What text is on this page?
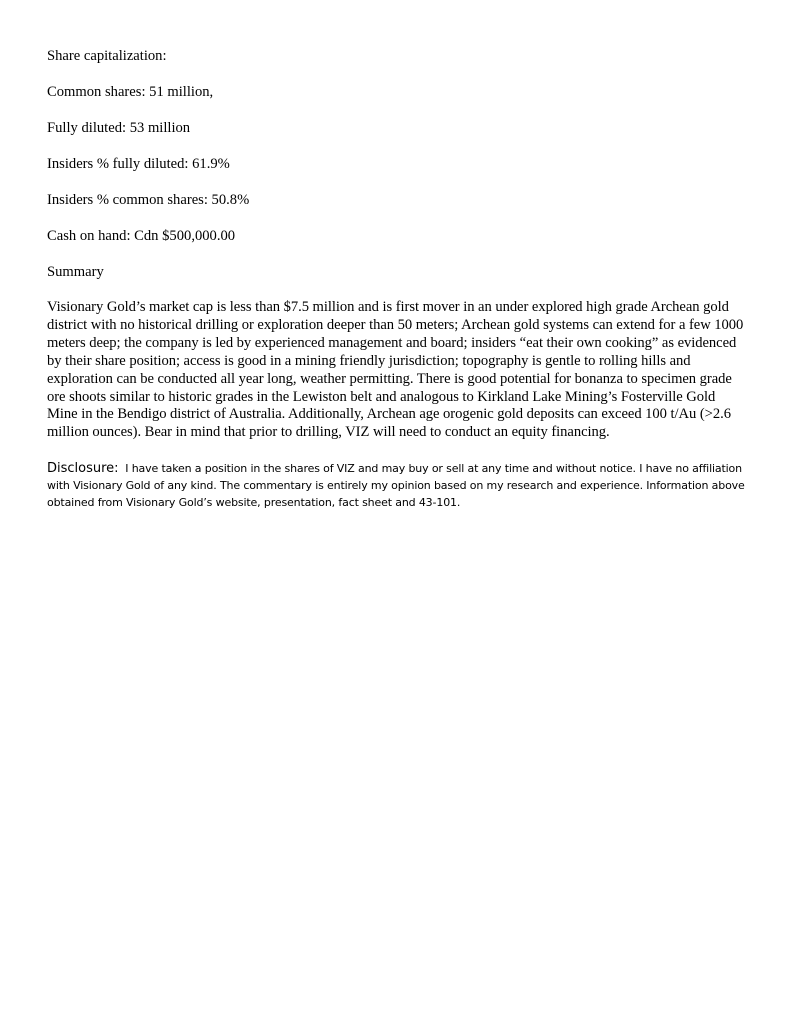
Share capitalization:

Common shares: 51 million,

Fully diluted: 53 million

Insiders % fully diluted: 61.9%

Insiders % common shares: 50.8%

Cash on hand: Cdn $500,000.00

Summary

Visionary Gold’s market cap is less than $7.5 million and is first mover in an under explored high grade Archean gold district with no historical drilling or exploration deeper than 50 meters; Archean gold systems can extend for a few 1000 meters deep; the company is led by experienced management and board; insiders “eat their own cooking” as evidenced by their share position; access is good in a mining friendly jurisdiction; topography is gentle to rolling hills and exploration can be conducted all year long, weather permitting. There is good potential for bonanza to specimen grade ore shoots similar to historic grades in the Lewiston belt and analogous to Kirkland Lake Mining’s Fosterville Gold Mine in the Bendigo district of Australia. Additionally, Archean age orogenic gold deposits can exceed 100 t/Au (>2.6 million ounces). Bear in mind that prior to drilling, VIZ will need to conduct an equity financing.

Disclosure: I have taken a position in the shares of VIZ and may buy or sell at any time and without notice. I have no affiliation with Visionary Gold of any kind. The commentary is entirely my opinion based on my research and experience. Information above obtained from Visionary Gold’s website, presentation, fact sheet and 43-101.
